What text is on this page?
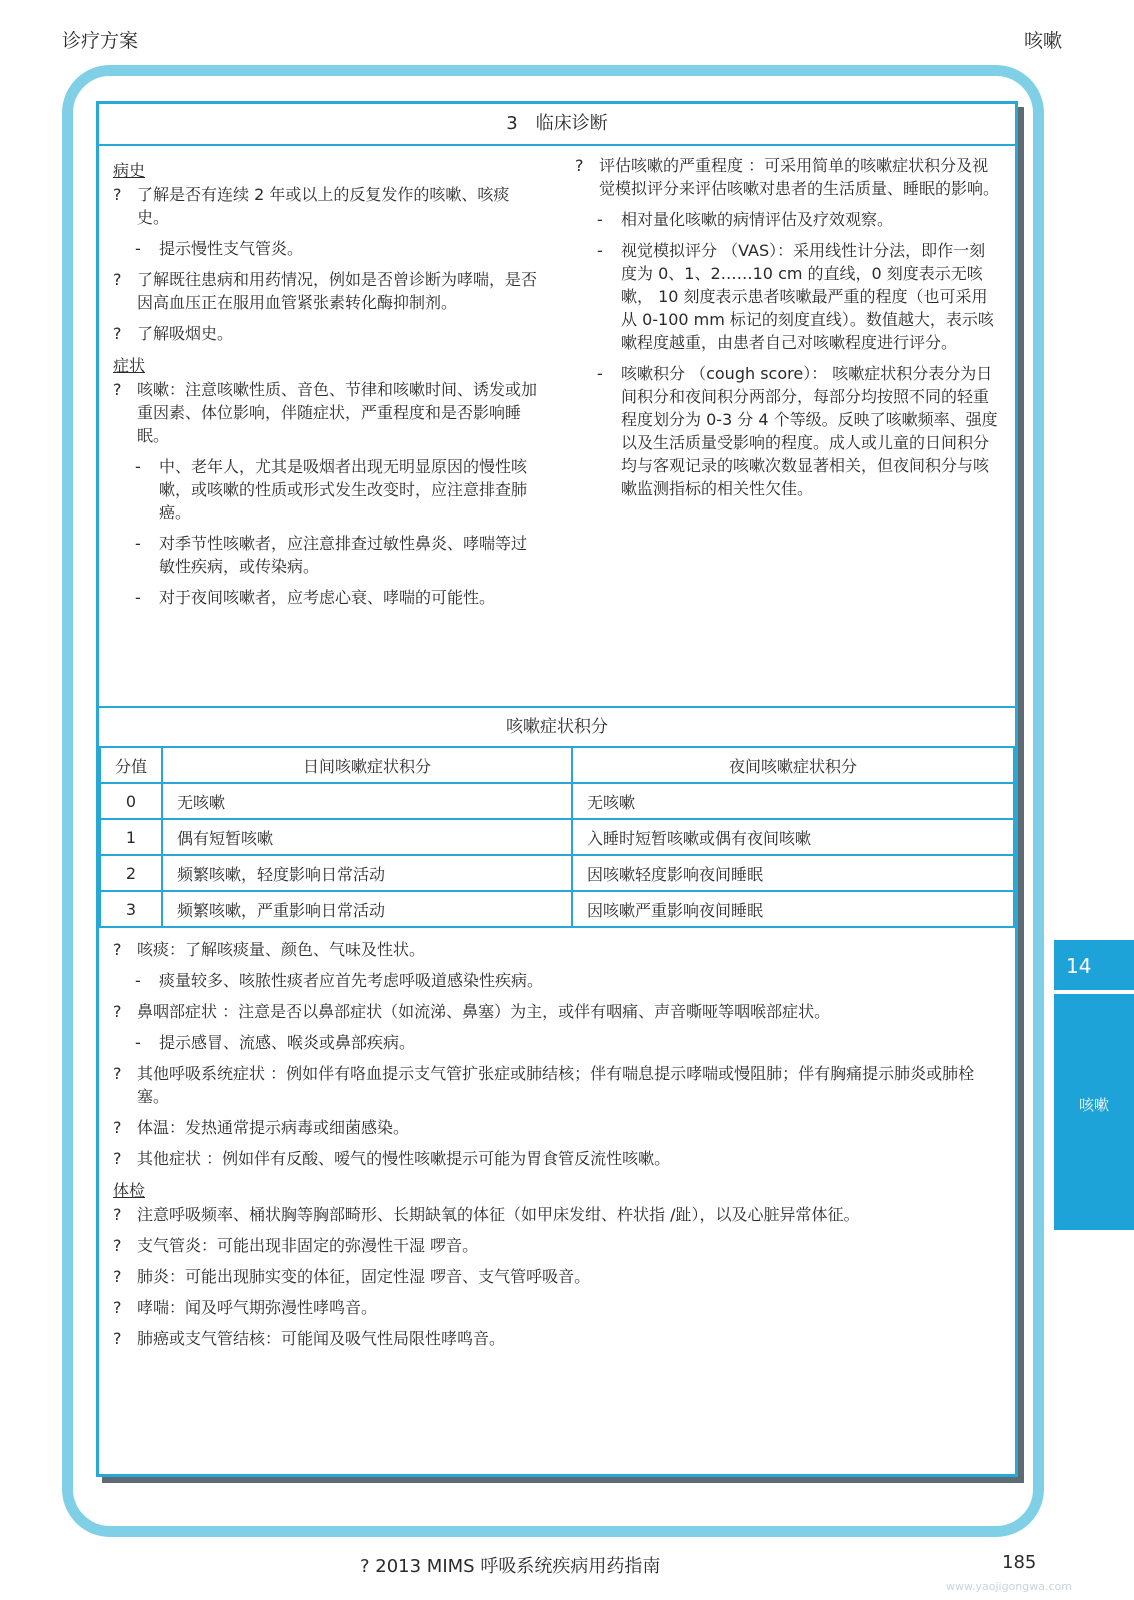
诊疗方案	咳嗽
3 临床诊断
病史
? 了解是否有连续 2 年或以上的反复发作的咳嗽、咳痰史。
-	提示慢性支气管炎。
? 了解既往患病和用药情况，例如是否曾诊断为哮喘，是否因高血压正在服用血管紧张素转化酶抑制剂。
? 了解吸烟史。
症状
? 咳嗽：注意咳嗽性质、音色、节律和咳嗽时间、诱发或加重因素、体位影响，伴随症状，严重程度和是否影响睡眠。
-	中、老年人，尤其是吸烟者出现无明显原因的慢性咳嗽，或咳嗽的性质或形式发生改变时，应注意排查肺癌。
-	对季节性咳嗽者，应注意排查过敏性鼻炎、哮喘等过敏性疾病，或传染病。
-	对于夜间咳嗽者，应考虑心衰、哮喘的可能性。
? 评估咳嗽的严重程度 ：可采用简单的咳嗽症状积分及视觉模拟评分来评估咳嗽对患者的生活质量、睡眠的影响。
-	相对量化咳嗽的病情评估及疗效观察。
-	视觉模拟评分 （VAS）：采用线性计分法，即作一刻度为 0、1、2……10 cm 的直线，0 刻度表示无咳嗽， 10 刻度表示患者咳嗽最严重的程度（也可采用从 0-100 mm 标记的刻度直线）。数值越大，表示咳嗽程度越重，由患者自己对咳嗽程度进行评分。
-	咳嗽积分 （cough score）： 咳嗽症状积分表分为日间积分和夜间积分两部分，每部分均按照不同的轻重程度划分为 0-3 分 4 个等级。反映了咳嗽频率、强度以及生活质量受影响的程度。成人或儿童的日间积分均与客观记录的咳嗽次数显著相关，但夜间积分与咳嗽监测指标的相关性欠佳。
咳嗽症状积分
分值	日间咳嗽症状积分	夜间咳嗽症状积分
0	无咳嗽	无咳嗽
1	偶有短暂咳嗽	入睡时短暂咳嗽或偶有夜间咳嗽
2	频繁咳嗽，轻度影响日常活动	因咳嗽轻度影响夜间睡眠
3	频繁咳嗽，严重影响日常活动	因咳嗽严重影响夜间睡眠
? 咳痰：了解咳痰量、颜色、气味及性状。
-	痰量较多、咳脓性痰者应首先考虑呼吸道感染性疾病。
? 鼻咽部症状 ：注意是否以鼻部症状（如流涕、鼻塞）为主，或伴有咽痛、声音嘶哑等咽喉部症状。
-	提示感冒、流感、喉炎或鼻部疾病。
? 其他呼吸系统症状 ：例如伴有咯血提示支气管扩张症或肺结核；伴有喘息提示哮喘或慢阻肺；伴有胸痛提示肺炎或肺栓塞。
? 体温：发热通常提示病毒或细菌感染。
? 其他症状 ：例如伴有反酸、嗳气的慢性咳嗽提示可能为胃食管反流性咳嗽。
体检
? 注意呼吸频率、桶状胸等胸部畸形、长期缺氧的体征（如甲床发绀、杵状指 /趾），以及心脏异常体征。
? 支气管炎：可能出现非固定的弥漫性干湿 啰音。
? 肺炎：可能出现肺实变的体征，固定性湿 啰音、支气管呼吸音。
? 哮喘：闻及呼气期弥漫性哮鸣音。
? 肺癌或支气管结核：可能闻及吸气性局限性哮鸣音。
14
咳嗽
? 2013 MIMS 呼吸系统疾病用药指南	185
www.yaojigongwa.com
